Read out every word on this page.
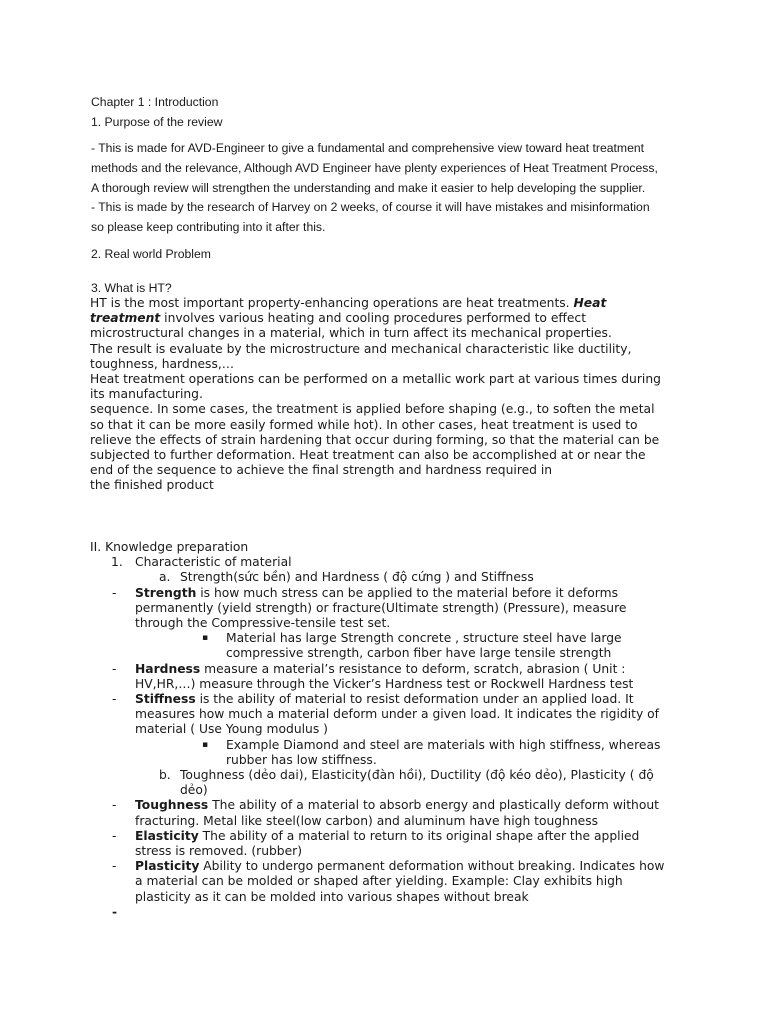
Chapter 1 : Introduction

1. Purpose of the review

- This is made for AVD-Engineer to give a fundamental and comprehensive view toward heat treatment

methods and the relevance, Although AVD Engineer have plenty experiences of Heat Treatment Process,

A thorough review will strengthen the understanding and make it easier to help developing the supplier.

- This is made by the research of Harvey on 2 weeks, of course it will have mistakes and misinformation

so please keep contributing into it after this.

2. Real world Problem

3. What is HT?

HT is the most important property-enhancing operations are heat treatments. Heat

treatment involves various heating and cooling procedures performed to effect

microstructural changes in a material, which in turn affect its mechanical properties.

The result is evaluate by the microstructure and mechanical characteristic like ductility,

toughness, hardness,…

Heat treatment operations can be performed on a metallic work part at various times during

its manufacturing.

sequence. In some cases, the treatment is applied before shaping (e.g., to soften the metal

so that it can be more easily formed while hot). In other cases, heat treatment is used to

relieve the effects of strain hardening that occur during forming, so that the material can be

subjected to further deformation. Heat treatment can also be accomplished at or near the

end of the sequence to achieve the final strength and hardness required in

the finished product

II. Knowledge preparation

1. Characteristic of material
a. Strength(sức bền) and Hardness ( độ cứng ) and Stiffness
- Strength is how much stress can be applied to the material before it deforms

permanently (yield strength) or fracture(Ultimate strength) (Pressure), measure

through the Compressive-tensile test set.

▪ Material has large Strength concrete , structure steel have large

compressive strength, carbon fiber have large tensile strength

- Hardness measure a material’s resistance to deform, scratch, abrasion ( Unit :

HV,HR,…) measure through the Vicker’s Hardness test or Rockwell Hardness test

- Stiffness is the ability of material to resist deformation under an applied load. It

measures how much a material deform under a given load. It indicates the rigidity of

material ( Use Young modulus )

▪ Example Diamond and steel are materials with high stiffness, whereas

rubber has low stiffness.

b. Toughness (dẻo dai), Elasticity(đàn hồi), Ductility (độ kéo dẻo), Plasticity ( độ

dẻo)

- Toughness The ability of a material to absorb energy and plastically deform without

fracturing. Metal like steel(low carbon) and aluminum have high toughness

- Elasticity The ability of a material to return to its original shape after the applied

stress is removed. (rubber)

- Plasticity Ability to undergo permanent deformation without breaking. Indicates how

a material can be molded or shaped after yielding. Example: Clay exhibits high

plasticity as it can be molded into various shapes without break

-
